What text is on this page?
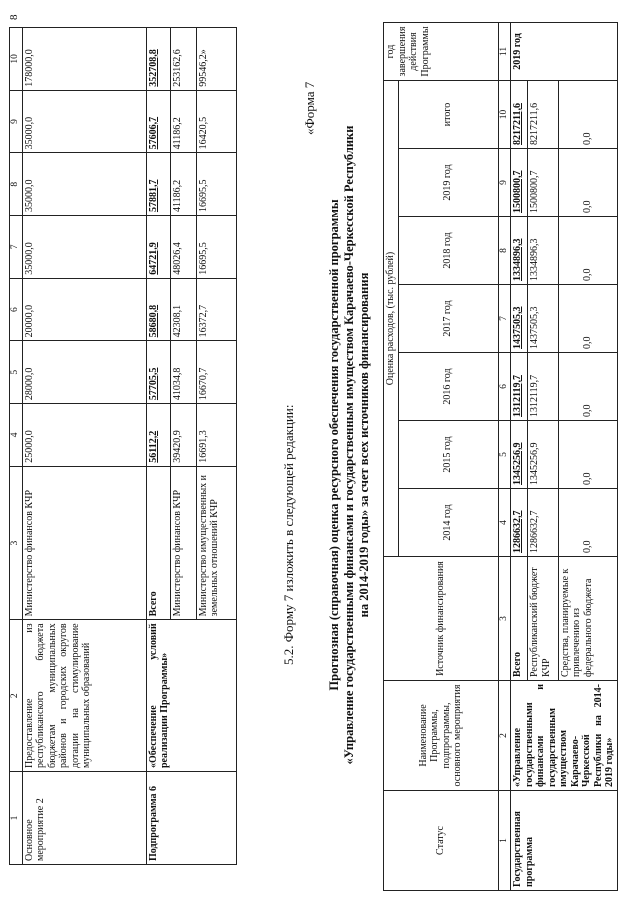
8
1	2	3	4	5	6	7	8	9	10
Основное мероприятие 2	Предоставление из республиканского бюджета бюджетам муниципальных районов и городских округов дотации на стимулирование муниципальных образований	Министерство финансов КЧР	25000,0	28000,0	20000,0	35000,0	35000,0	35000,0	178000,0
Подпрограмма 6	«Обеспечение условий реализации Программы»	Всего	56112,2	57705,5	58680,8	64721,9	57881,7	57606,7	352708,8
		Министерство финансов КЧР	39420,9	41034,8	42308,1	48026,4	41186,2	41186,2	253162,6
		Министерство имущественных и земельных отношений КЧР	16691,3	16670,7	16372,7	16695,5	16695,5	16420,5	99546,2»
5.2. Форму 7 изложить в следующей редакции:
«Форма 7
Прогнозная (справочная) оценка ресурсного обеспечения государственной программы «Управление государственными финансами и государственным имуществом Карачаево-Черкесской Республики на 2014-2019 годы» за счет всех источников финансирования
Статус	Наименование Программы, подпрограммы, основного мероприятия	Источник финансирования	Оценка расходов, (тыс. рублей)							год завершения действия Программы
			2014 год	2015 год	2016 год	2017 год	2018 год	2019 год	итого	
1	2	3	4	5	6	7	8	9	10	11
Государственная программа	«Управление государственными финансами и государственным имуществом Карачаево-Черкесской Республики на 2014-2019 годы»	Всего	1286632,7	1345256,9	1312119,7	1437505,3	1334896,3	1500800,7	8217211,6	2019 год
		Республиканский бюджет КЧР	1286632,7	1345256,9	1312119,7	1437505,3	1334896,3	1500800,7	8217211,6	
		Средства, планируемые к привлечению из федерального бюджета	0,0	0,0	0,0	0,0	0,0	0,0	0,0	
